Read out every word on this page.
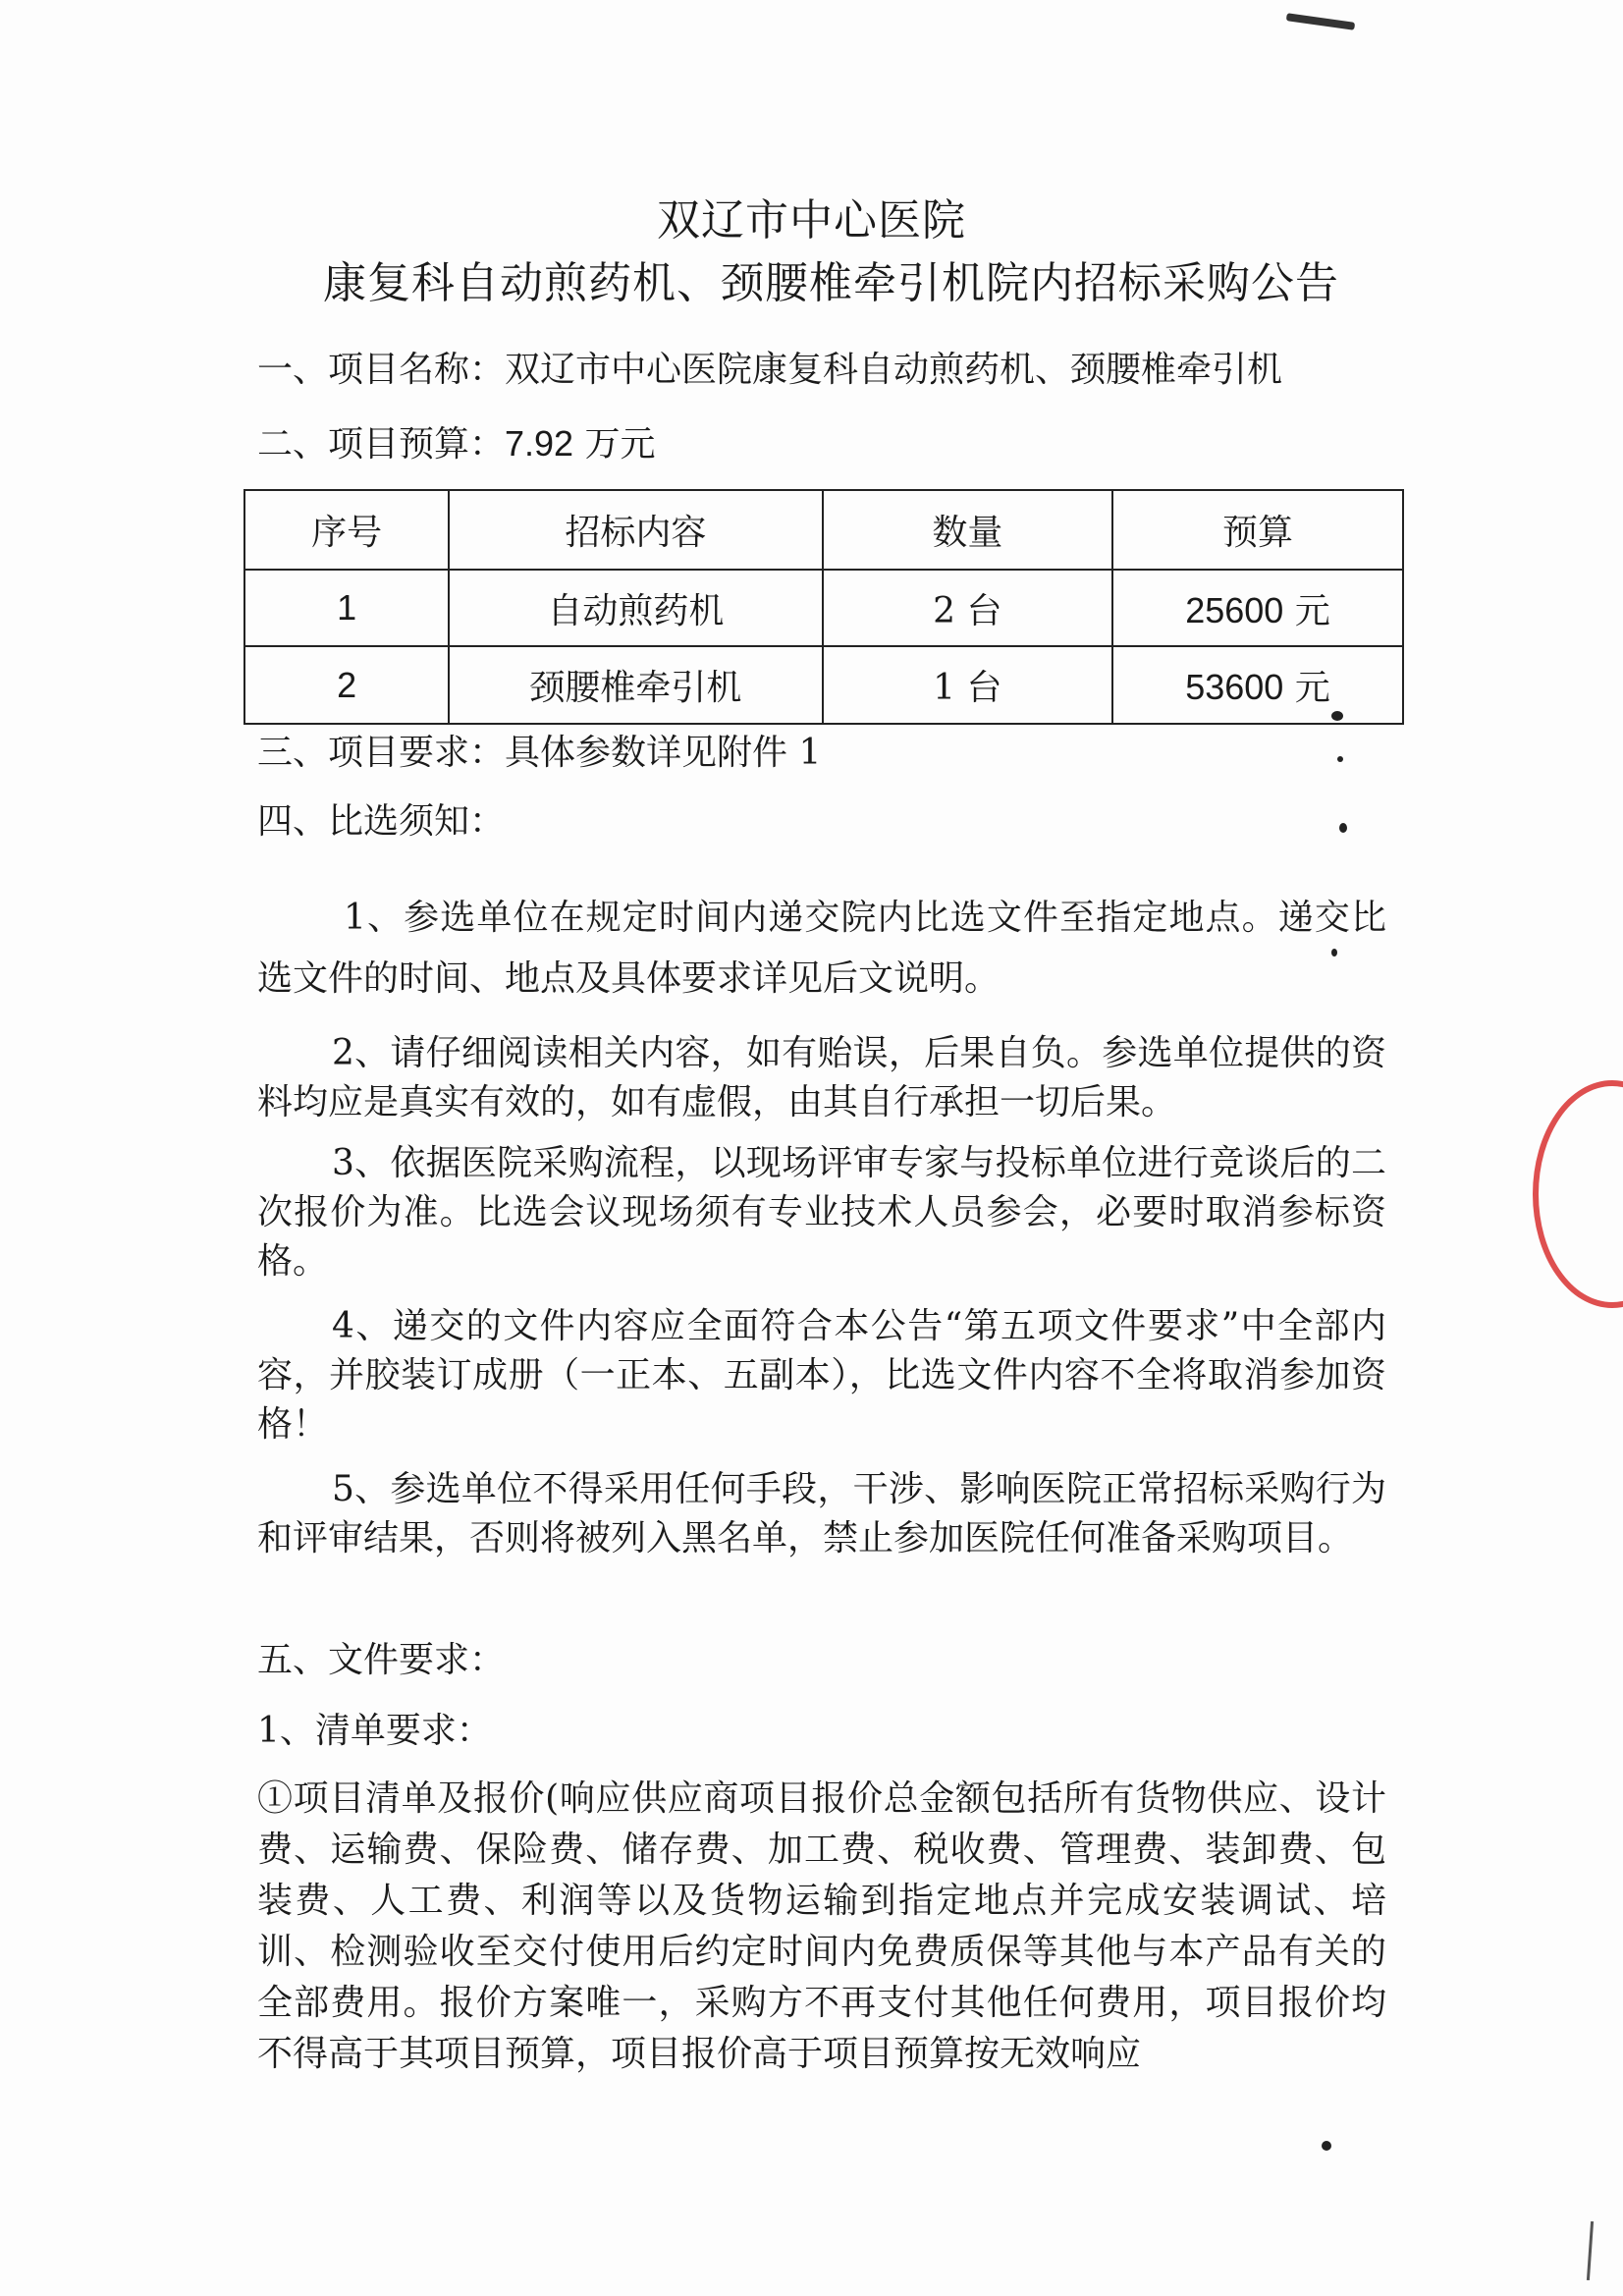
双辽市中心医院
康复科自动煎药机、颈腰椎牵引机院内招标采购公告
一、项目名称：双辽市中心医院康复科自动煎药机、颈腰椎牵引机
二、项目预算：7.92 万元
序号	招标内容	数量	预算
1	自动煎药机	2 台	25600 元
2	颈腰椎牵引机	1 台	53600 元
三、项目要求：具体参数详见附件 1
四、比选须知：
1、参选单位在规定时间内递交院内比选文件至指定地点。递交比选文件的时间、地点及具体要求详见后文说明。
2、请仔细阅读相关内容，如有贻误，后果自负。参选单位提供的资料均应是真实有效的，如有虚假，由其自行承担一切后果。
3、依据医院采购流程，以现场评审专家与投标单位进行竞谈后的二次报价为准。比选会议现场须有专业技术人员参会，必要时取消参标资格。
4、递交的文件内容应全面符合本公告“第五项文件要求”中全部内容，并胶装订成册（一正本、五副本），比选文件内容不全将取消参加资格！
5、参选单位不得采用任何手段，干涉、影响医院正常招标采购行为和评审结果，否则将被列入黑名单，禁止参加医院任何准备采购项目。
五、文件要求：
1、清单要求：
①项目清单及报价(响应供应商项目报价总金额包括所有货物供应、设计费、运输费、保险费、储存费、加工费、税收费、管理费、装卸费、包装费、人工费、利润等以及货物运输到指定地点并完成安装调试、培训、检测验收至交付使用后约定时间内免费质保等其他与本产品有关的全部费用。报价方案唯一，采购方不再支付其他任何费用，项目报价均不得高于其项目预算，项目报价高于项目预算按无效响应
